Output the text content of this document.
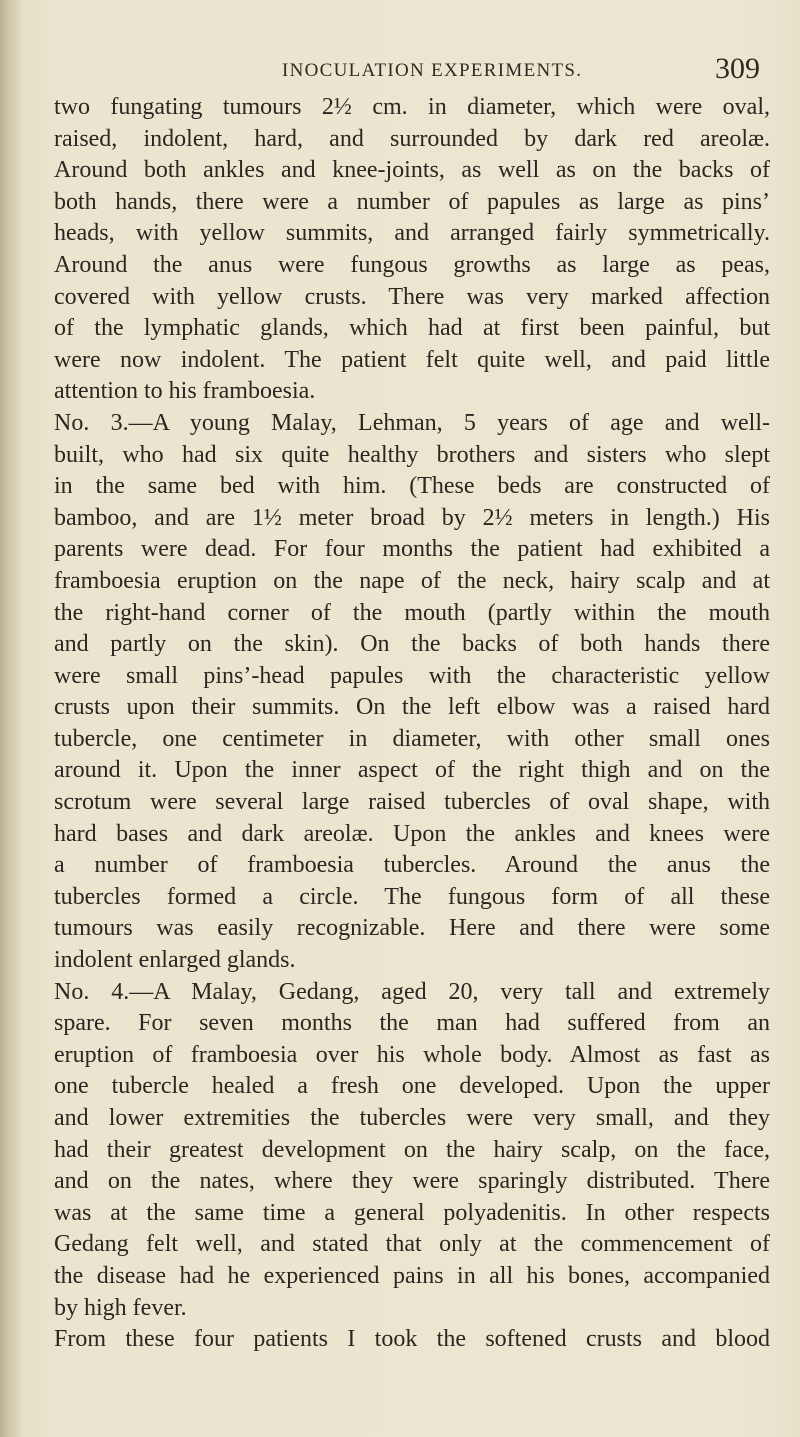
INOCULATION EXPERIMENTS.	309
two fungating tumours 2½ cm. in diameter, which were oval,
raised, indolent, hard, and surrounded by dark red areolæ.
Around both ankles and knee-joints, as well as on the backs of
both hands, there were a number of papules as large as pins’
heads, with yellow summits, and arranged fairly symmetrically.
Around the anus were fungous growths as large as peas,
covered with yellow crusts. There was very marked affection
of the lymphatic glands, which had at first been painful, but
were now indolent. The patient felt quite well, and paid little
attention to his framboesia.
No. 3.—A young Malay, Lehman, 5 years of age and well-
built, who had six quite healthy brothers and sisters who slept
in the same bed with him. (These beds are constructed of
bamboo, and are 1½ meter broad by 2½ meters in length.) His
parents were dead. For four months the patient had exhibited a
framboesia eruption on the nape of the neck, hairy scalp and at
the right-hand corner of the mouth (partly within the mouth
and partly on the skin). On the backs of both hands there
were small pins’-head papules with the characteristic yellow
crusts upon their summits. On the left elbow was a raised hard
tubercle, one centimeter in diameter, with other small ones
around it. Upon the inner aspect of the right thigh and on the
scrotum were several large raised tubercles of oval shape, with
hard bases and dark areolæ. Upon the ankles and knees were
a number of framboesia tubercles. Around the anus the
tubercles formed a circle. The fungous form of all these
tumours was easily recognizable. Here and there were some
indolent enlarged glands.
No. 4.—A Malay, Gedang, aged 20, very tall and extremely
spare. For seven months the man had suffered from an
eruption of framboesia over his whole body. Almost as fast as
one tubercle healed a fresh one developed. Upon the upper
and lower extremities the tubercles were very small, and they
had their greatest development on the hairy scalp, on the face,
and on the nates, where they were sparingly distributed. There
was at the same time a general polyadenitis. In other respects
Gedang felt well, and stated that only at the commencement of
the disease had he experienced pains in all his bones, accompanied
by high fever.
From these four patients I took the softened crusts and blood
